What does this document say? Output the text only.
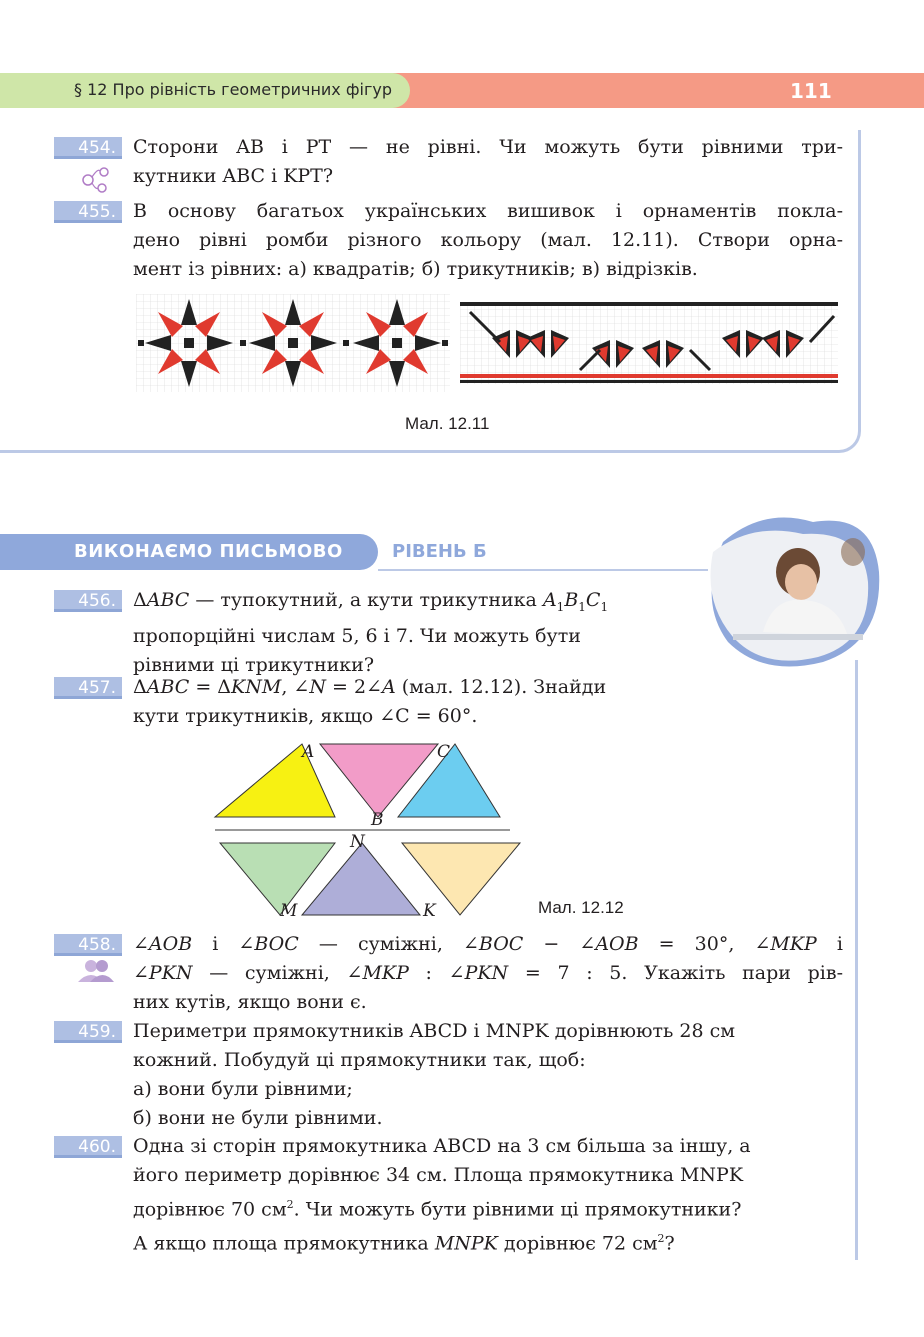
§ 12 Про рівність геометричних фігур	111
454. Сторони AB і PT — не рівні. Чи можуть бути рівними три-
кутники ABC і KPT?
455. В основу багатьох українських вишивок і орнаментів покла-
дено рівні ромби різного кольору (мал. 12.11). Створи орна-
мент із рівних: а) квадратів; б) трикутників; в) відрізків.
Мал. 12.11
ВИКОНАЄМО ПИСЬМОВО	РІВЕНЬ Б
456. ΔABC — тупокутний, а кути трикутника $A_1B_1C_1$
пропорційні числам 5, 6 і 7. Чи можуть бути
рівними ці трикутники?
457. ΔABC = ΔKNM, ∠N = 2∠A (мал. 12.12). Знайди
кути трикутників, якщо ∠C = 60°.
A	C
B
N
M	K	Мал. 12.12
458. ∠AOB і ∠BOC — суміжні, ∠BOC − ∠AOB = 30°, ∠MKP і
∠PKN — суміжні, ∠MKP : ∠PKN = 7 : 5. Укажіть пари рів-
них кутів, якщо вони є.
459. Периметри прямокутників ABCD і MNPK дорівнюють 28 см
кожний. Побудуй ці прямокутники так, щоб:
а) вони були рівними;
б) вони не були рівними.
460. Одна зі сторін прямокутника ABCD на 3 см більша за іншу, а
його периметр дорівнює 34 см. Площа прямокутника MNPK
дорівнює 70 $см^2$. Чи можуть бути рівними ці прямокутники?
А якщо площа прямокутника MNPK дорівнює 72 $см^2$?
